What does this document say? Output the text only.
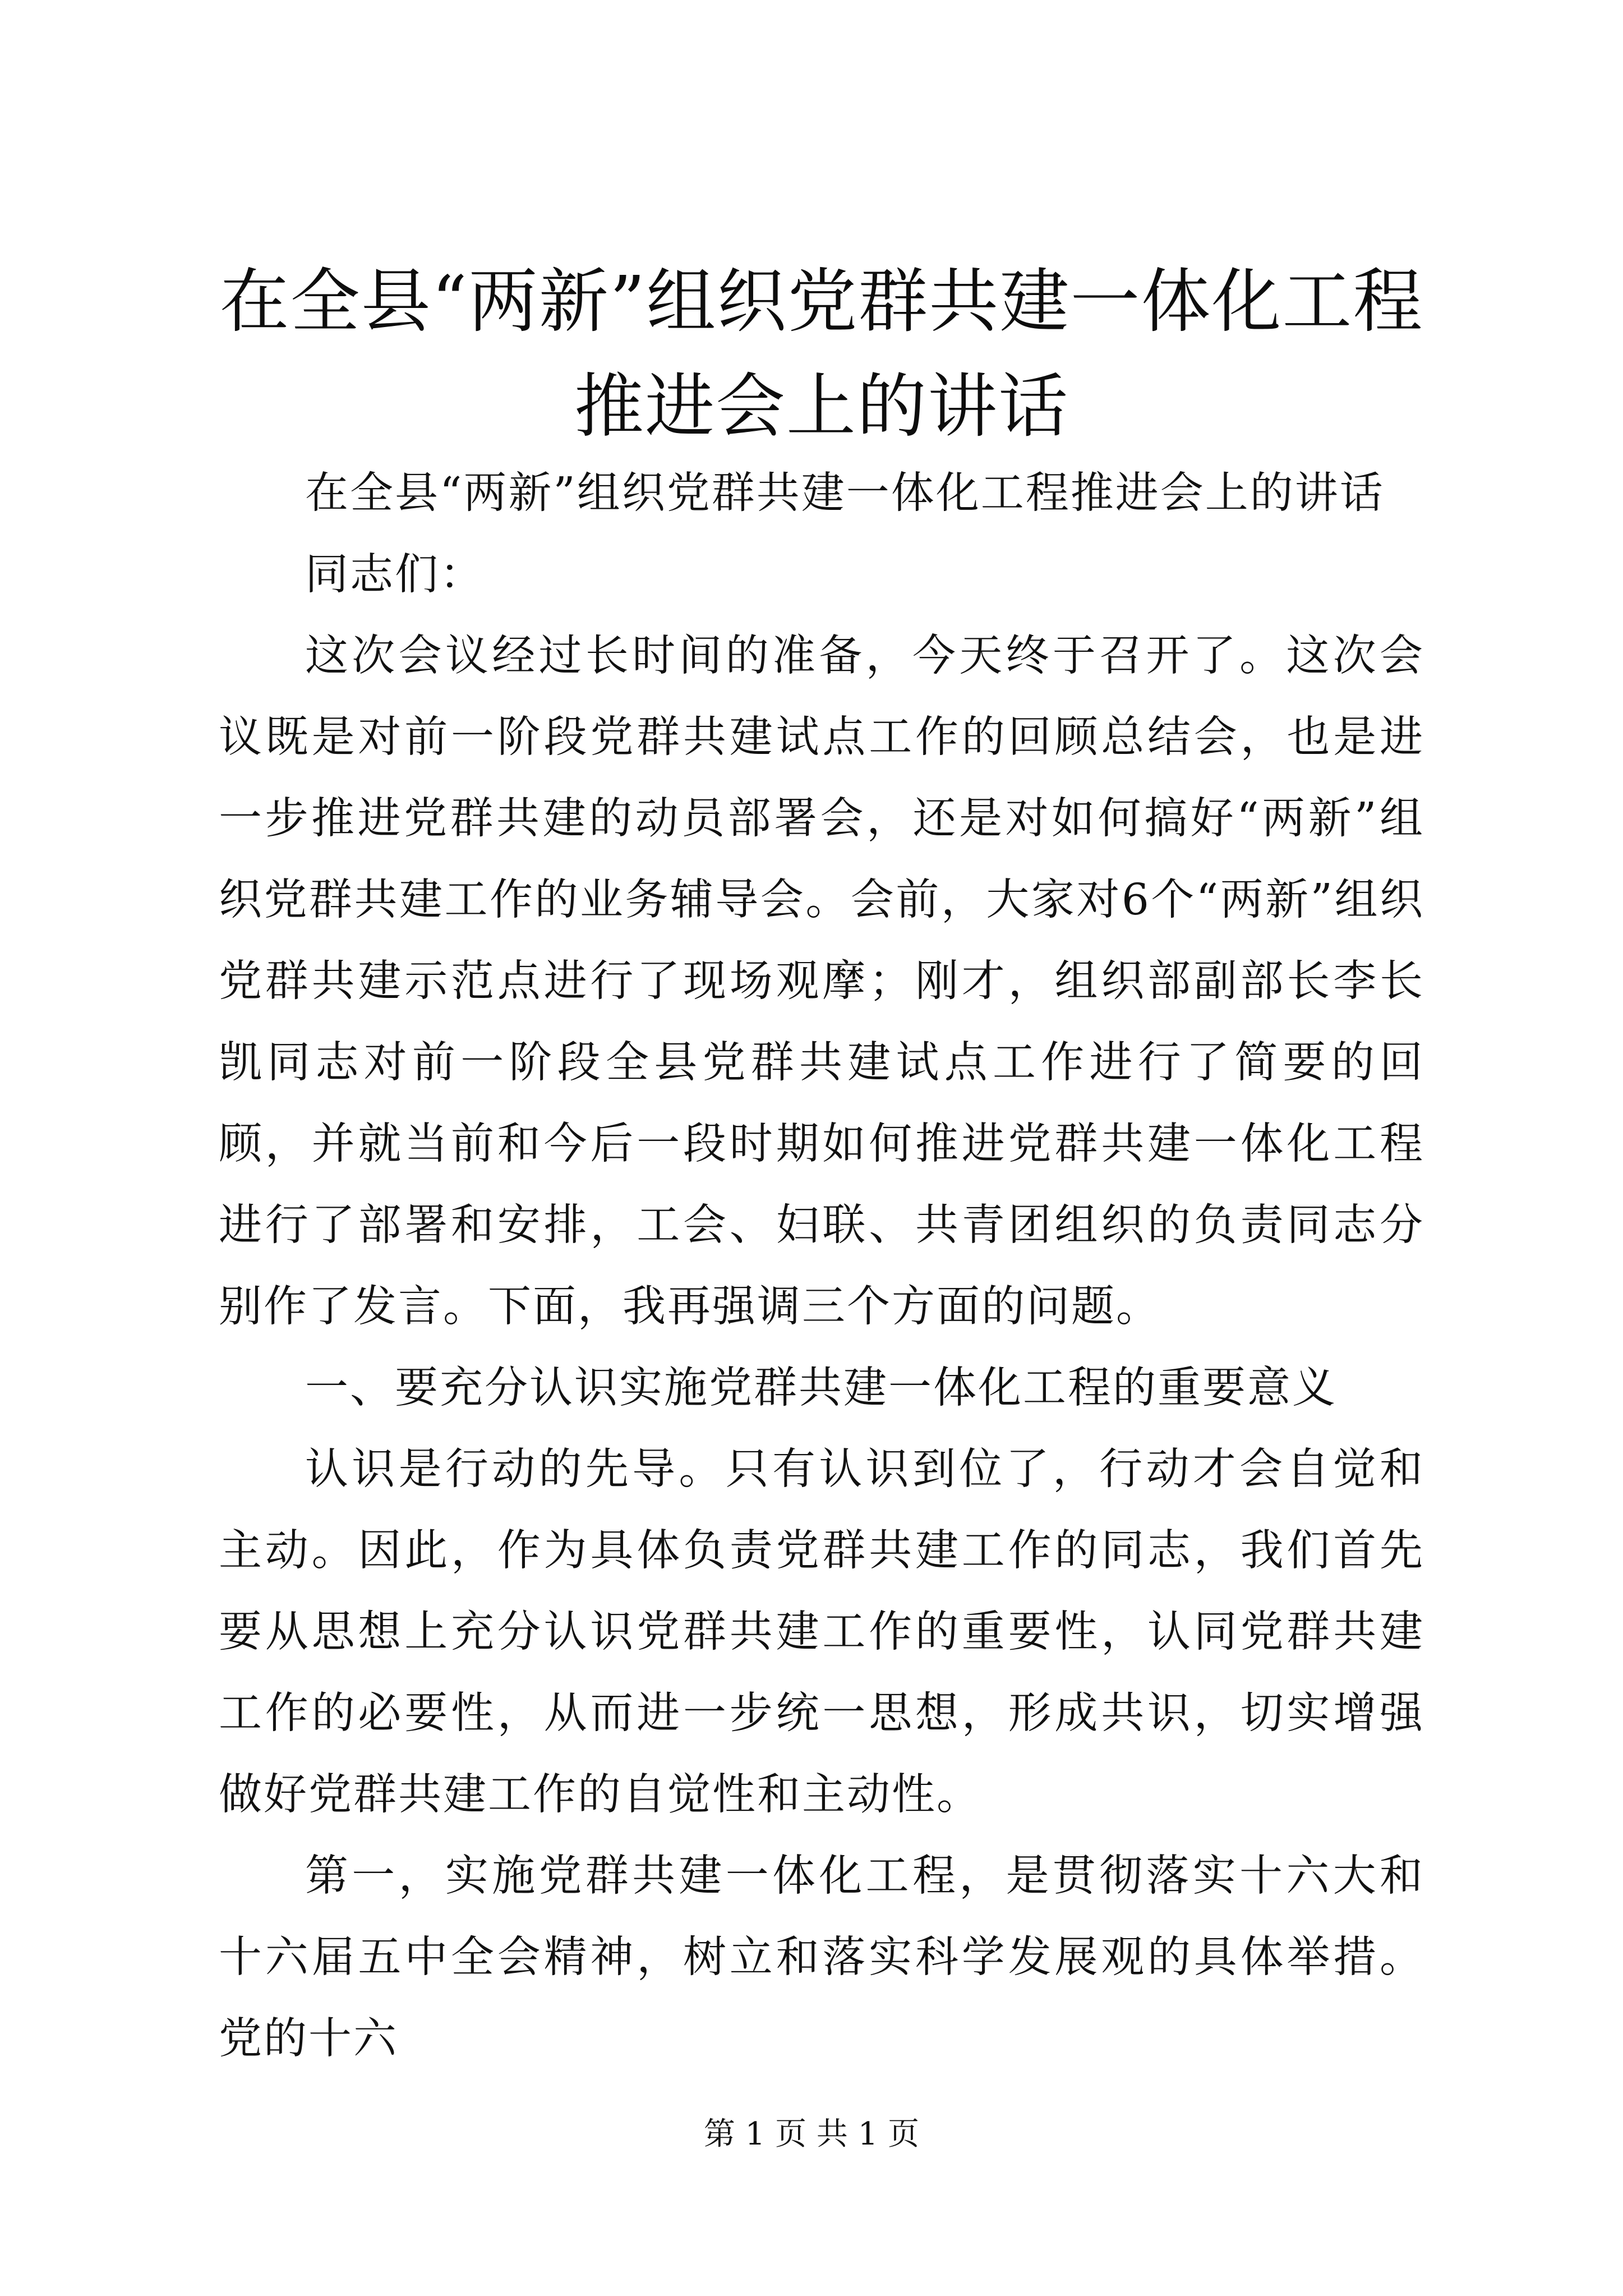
在全县“两新”组织党群共建一体化工程推进会上的讲话

在全县“两新”组织党群共建一体化工程推进会上的讲话

同志们：

这次会议经过长时间的准备，今天终于召开了。这次会议既是对前一阶段党群共建试点工作的回顾总结会，也是进一步推进党群共建的动员部署会，还是对如何搞好“两新”组织党群共建工作的业务辅导会。会前，大家对6个“两新”组织党群共建示范点进行了现场观摩；刚才，组织部副部长李长凯同志对前一阶段全县党群共建试点工作进行了简要的回顾，并就当前和今后一段时期如何推进党群共建一体化工程进行了部署和安排，工会、妇联、共青团组织的负责同志分别作了发言。下面，我再强调三个方面的问题。

一、要充分认识实施党群共建一体化工程的重要意义

认识是行动的先导。只有认识到位了，行动才会自觉和主动。因此，作为具体负责党群共建工作的同志，我们首先要从思想上充分认识党群共建工作的重要性，认同党群共建工作的必要性，从而进一步统一思想，形成共识，切实增强做好党群共建工作的自觉性和主动性。

第一，实施党群共建一体化工程，是贯彻落实十六大和十六届五中全会精神，树立和落实科学发展观的具体举措。党的十六

第 1 页 共 1 页
